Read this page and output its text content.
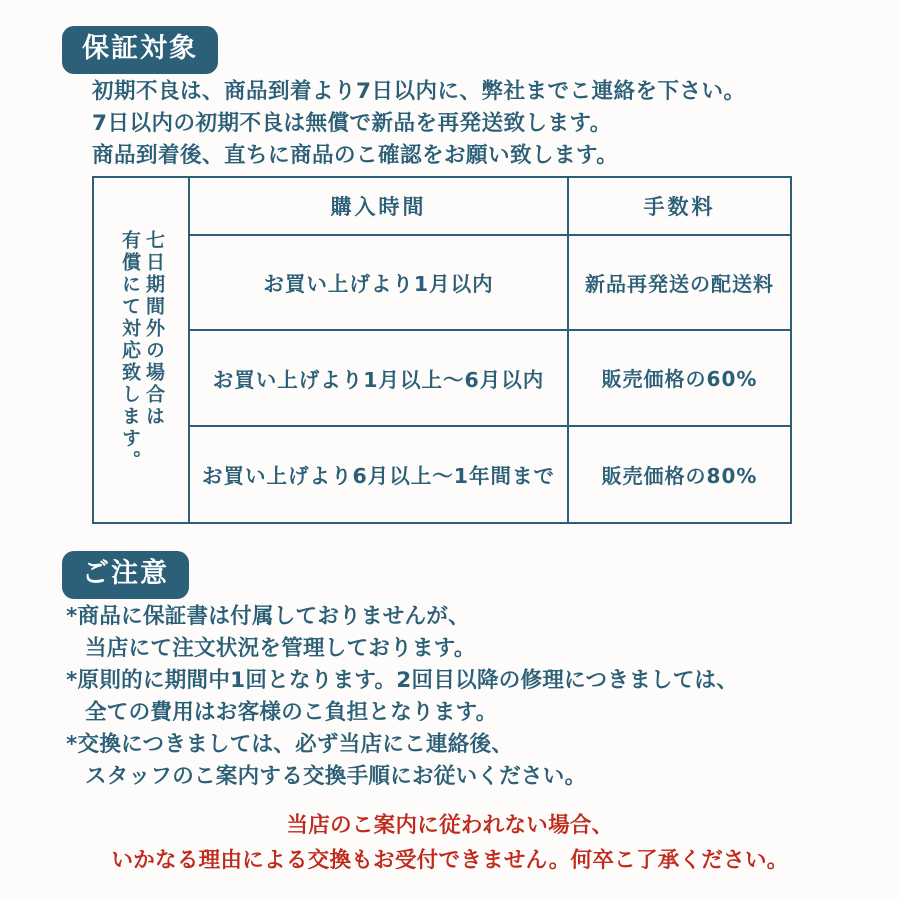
保証対象
初期不良は、商品到着より7日以内に、弊社までこ連絡を下さい。
7日以内の初期不良は無償で新品を再発送致します。
商品到着後、直ちに商品のこ確認をお願い致します。
七日期間外の場合は
有償にて対応致します。
購入時間	手数料
お買い上げより1月以内	新品再発送の配送料
お買い上げより1月以上～6月以内	販売価格の60%
お買い上げより6月以上～1年間まで	販売価格の80%
ご注意
*商品に保証書は付属しておりませんが、
当店にて注文状況を管理しております。
*原則的に期間中1回となります。2回目以降の修理につきましては、
全ての費用はお客様のこ負担となります。
*交換につきましては、必ず当店にこ連絡後、
スタッフのこ案内する交換手順にお従いください。
当店のこ案内に従われない場合、
いかなる理由による交換もお受付できません。何卒こ了承ください。
